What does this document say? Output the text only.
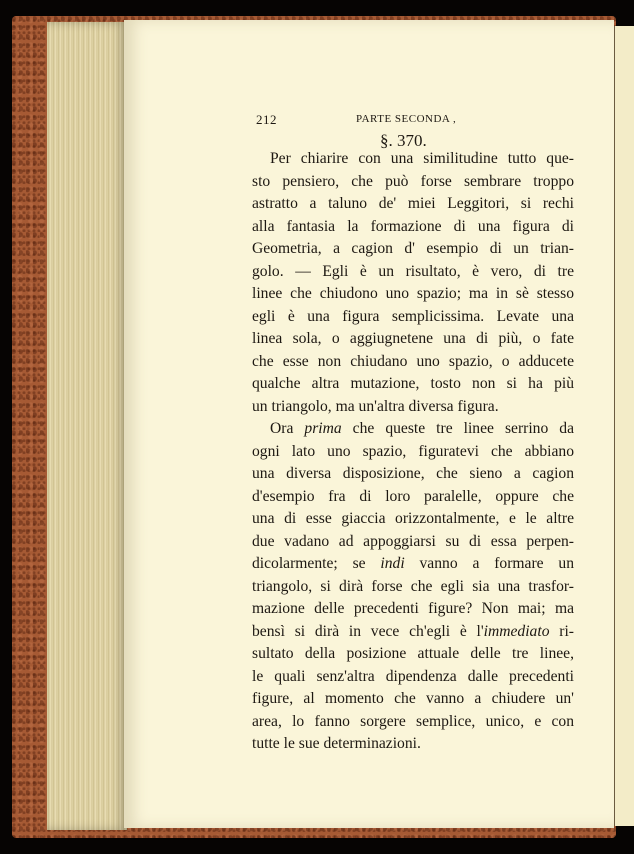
212	PARTE SECONDA ,
§. 370.
Per chiarire con una similitudine tutto que-
sto pensiero, che può forse sembrare troppo
astratto a taluno de' miei Leggitori, si rechi
alla fantasia la formazione di una figura di
Geometria, a cagion d' esempio di un trian-
golo. — Egli è un risultato, è vero, di tre
linee che chiudono uno spazio; ma in sè stesso
egli è una figura semplicissima. Levate una
linea sola, o aggiugnetene una di più, o fate
che esse non chiudano uno spazio, o adducete
qualche altra mutazione, tosto non si ha più
un triangolo, ma un'altra diversa figura.
Ora prima che queste tre linee serrino da
ogni lato uno spazio, figuratevi che abbiano
una diversa disposizione, che sieno a cagion
d'esempio fra di loro paralelle, oppure che
una di esse giaccia orizzontalmente, e le altre
due vadano ad appoggiarsi su di essa perpen-
dicolarmente; se indi vanno a formare un
triangolo, si dirà forse che egli sia una trasfor-
mazione delle precedenti figure? Non mai; ma
bensì si dirà in vece ch'egli è l'immediato ri-
sultato della posizione attuale delle tre linee,
le quali senz'altra dipendenza dalle precedenti
figure, al momento che vanno a chiudere un'
area, lo fanno sorgere semplice, unico, e con
tutte le sue determinazioni.
